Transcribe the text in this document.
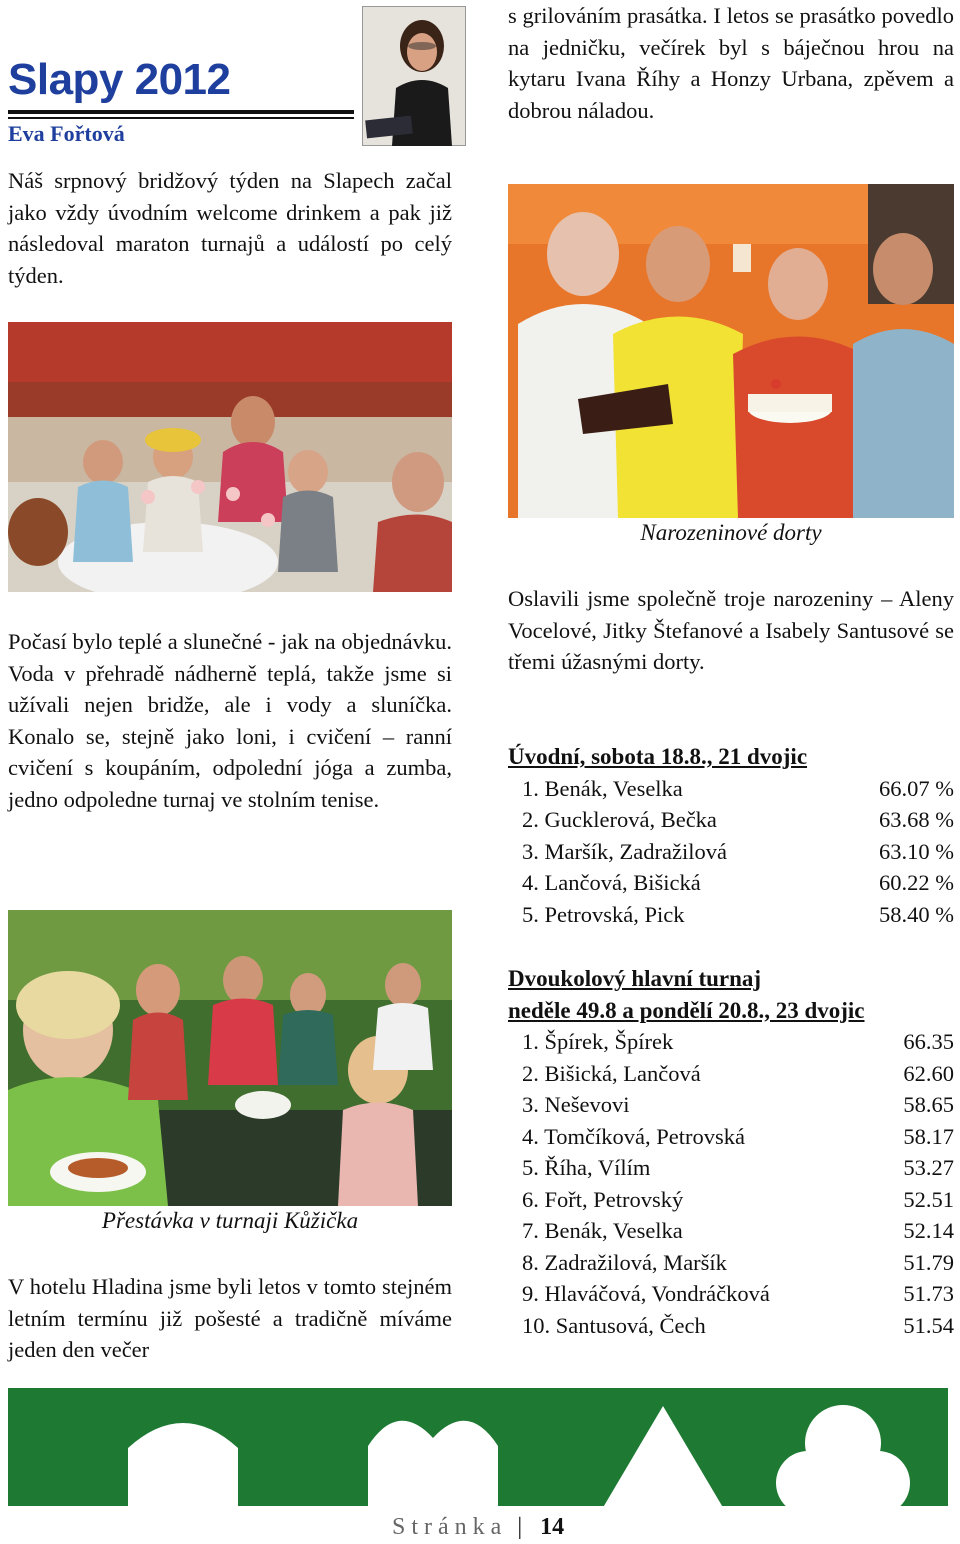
Slapy 2012
Eva Fořtová

Náš srpnový bridžový týden na Slapech začal jako vždy úvodním welcome drinkem a pak již následoval maraton turnajů a událostí po celý týden.

s grilováním prasátka. I letos se prasátko povedlo na jedničku, večírek byl s báječnou hrou na kytaru Ivana Říhy a Honzy Urbana, zpěvem a dobrou náladou.

Narozeninové dorty

Počasí bylo teplé a slunečné - jak na objednávku. Voda v přehradě nádherně teplá, takže jsme si užívali nejen bridže, ale i vody a sluníčka. Konalo se, stejně jako loni, i cvičení – ranní cvičení s koupáním, odpolední jóga a zumba, jedno odpoledne turnaj ve stolním tenise.

Oslavili jsme společně troje narozeniny – Aleny Vocelové, Jitky Štefanové a Isabely Santusové se třemi úžasnými dorty.

Úvodní, sobota 18.8., 21 dvojic
1. Benák, Veselka	66.07 %
2. Gucklerová, Bečka	63.68 %
3. Maršík, Zadražilová	63.10 %
4. Lančová, Bišická	60.22 %
5. Petrovská, Pick	58.40 %
Přestávka v turnaji Kůžička

V hotelu Hladina jsme byli letos v tomto stejném letním termínu již pošesté a tradičně míváme jeden den večer

Dvoukolový hlavní turnaj
neděle 49.8 a pondělí 20.8., 23 dvojic
1. Špírek, Špírek	66.35
2. Bišická, Lančová	62.60
3. Neševovi	58.65
4. Tomčíková, Petrovská	58.17
5. Říha, Vílím	53.27
6. Fořt, Petrovský	52.51
7. Benák, Veselka	52.14
8. Zadražilová, Maršík	51.79
9. Hlaváčová, Vondráčková	51.73
10. Santusová, Čech	51.54
Stránka | 14
